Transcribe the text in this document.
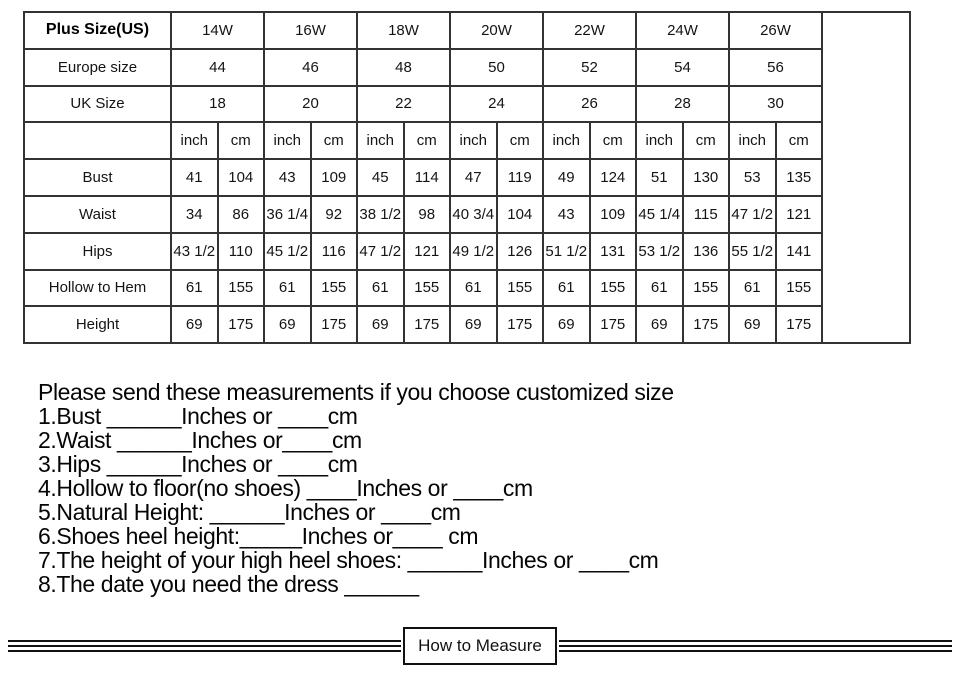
Plus Size(US)	14W		16W		18W		20W		22W		24W		26W		
Europe size	44		46		48		50		52		54		56		
UK Size	18		20		22		24		26		28		30		
	inch	cm	inch	cm	inch	cm	inch	cm	inch	cm	inch	cm	inch	cm	
Bust	41	104	43	109	45	114	47	119	49	124	51	130	53	135	
Waist	34	86	36 1/4	92	38 1/2	98	40 3/4	104	43	109	45 1/4	115	47 1/2	121	
Hips	43 1/2	110	45 1/2	116	47 1/2	121	49 1/2	126	51 1/2	131	53 1/2	136	55 1/2	141	
Hollow to Hem	61	155	61	155	61	155	61	155	61	155	61	155	61	155	
Height	69	175	69	175	69	175	69	175	69	175	69	175	69	175	
Please send these measurements if you choose customized size
1.Bust ______Inches or ____cm
2.Waist ______Inches or____cm
3.Hips ______Inches or ____cm
4.Hollow to floor(no shoes) ____Inches or ____cm
5.Natural Height: ______Inches or ____cm
6.Shoes heel height:_____Inches or____ cm
7.The height of your high heel shoes: ______Inches or ____cm
8.The date you need the dress ______
How to Measure
